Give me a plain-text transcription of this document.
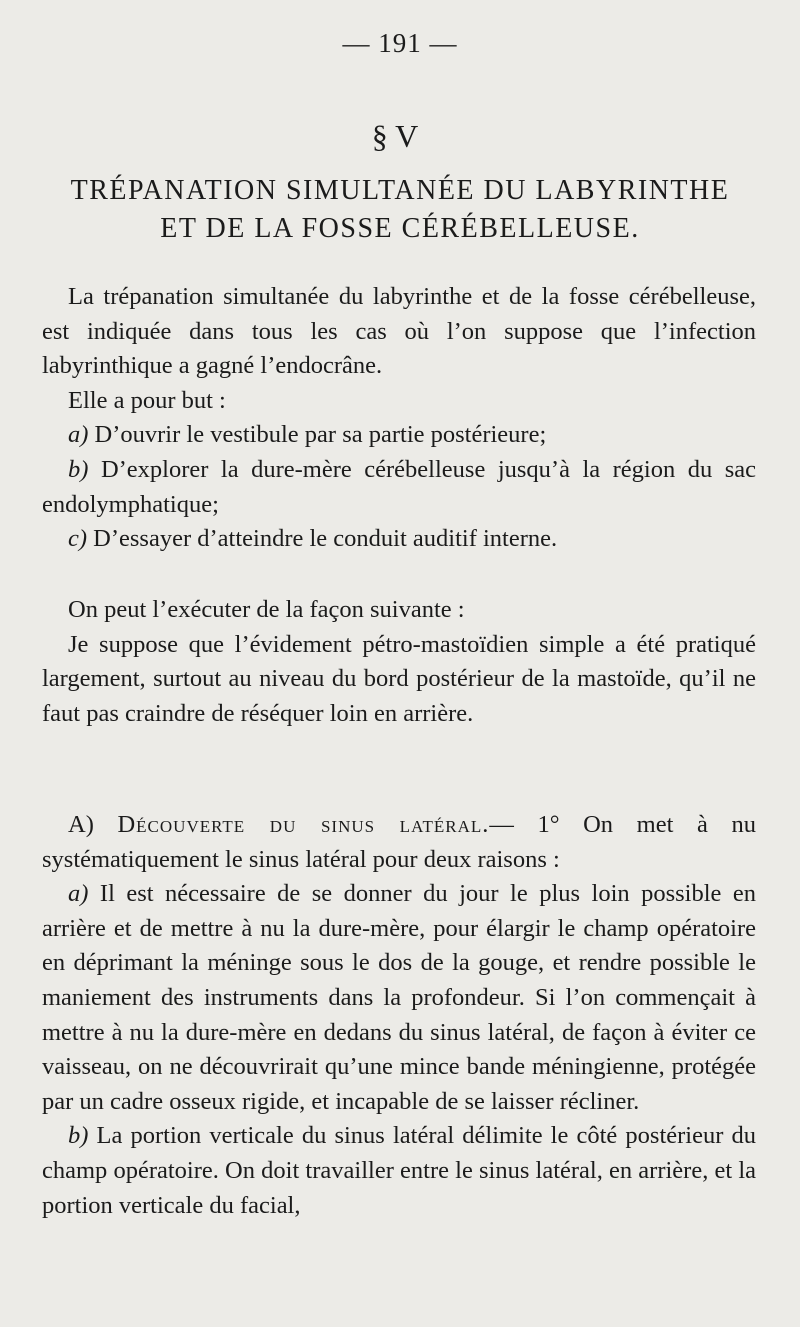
— 191 —
§ V
TRÉPANATION SIMULTANÉE DU LABYRINTHE
ET DE LA FOSSE CÉRÉBELLEUSE.

La trépanation simultanée du labyrinthe et de la fosse cérébelleuse, est indiquée dans tous les cas où l’on suppose que l’infection labyrinthique a gagné l’endocrâne.

Elle a pour but :

a) D’ouvrir le vestibule par sa partie postérieure;

b) D’explorer la dure-mère cérébelleuse jusqu’à la région du sac endolymphatique;

c) D’essayer d’atteindre le conduit auditif interne.

On peut l’exécuter de la façon suivante :

Je suppose que l’évidement pétro-mastoïdien simple a été pratiqué largement, surtout au niveau du bord postérieur de la mastoïde, qu’il ne faut pas craindre de réséquer loin en arrière.

A) Découverte du sinus latéral.— 1° On met à nu systématiquement le sinus latéral pour deux raisons :

a) Il est nécessaire de se donner du jour le plus loin possible en arrière et de mettre à nu la dure-mère, pour élargir le champ opératoire en déprimant la méninge sous le dos de la gouge, et rendre possible le maniement des instruments dans la profondeur. Si l’on commençait à mettre à nu la dure-mère en dedans du sinus latéral, de façon à éviter ce vaisseau, on ne découvrirait qu’une mince bande méningienne, protégée par un cadre osseux rigide, et incapable de se laisser récliner.

b) La portion verticale du sinus latéral délimite le côté postérieur du champ opératoire. On doit travailler entre le sinus latéral, en arrière, et la portion verticale du facial,
